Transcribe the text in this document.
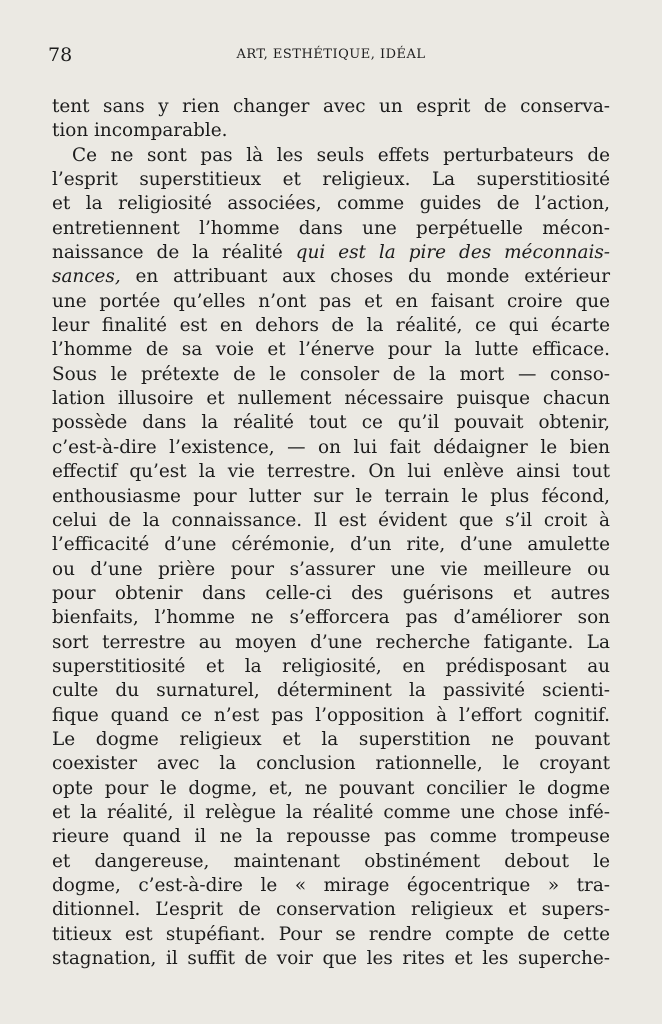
78	ART, ESTHÉTIQUE, IDÉAL
tent sans y rien changer avec un esprit de conserva-
tion incomparable.
Ce ne sont pas là les seuls effets perturbateurs de
l’esprit superstitieux et religieux. La superstitiosité
et la religiosité associées, comme guides de l’action,
entretiennent l’homme dans une perpétuelle mécon-
naissance de la réalité qui est la pire des méconnais-
sances, en attribuant aux choses du monde extérieur
une portée qu’elles n’ont pas et en faisant croire que
leur finalité est en dehors de la réalité, ce qui écarte
l’homme de sa voie et l’énerve pour la lutte efficace.
Sous le prétexte de le consoler de la mort — conso-
lation illusoire et nullement nécessaire puisque chacun
possède dans la réalité tout ce qu’il pouvait obtenir,
c’est-à-dire l’existence, — on lui fait dédaigner le bien
effectif qu’est la vie terrestre. On lui enlève ainsi tout
enthousiasme pour lutter sur le terrain le plus fécond,
celui de la connaissance. Il est évident que s’il croit à
l’efficacité d’une cérémonie, d’un rite, d’une amulette
ou d’une prière pour s’assurer une vie meilleure ou
pour obtenir dans celle-ci des guérisons et autres
bienfaits, l’homme ne s’efforcera pas d’améliorer son
sort terrestre au moyen d’une recherche fatigante. La
superstitiosité et la religiosité, en prédisposant au
culte du surnaturel, déterminent la passivité scienti-
fique quand ce n’est pas l’opposition à l’effort cognitif.
Le dogme religieux et la superstition ne pouvant
coexister avec la conclusion rationnelle, le croyant
opte pour le dogme, et, ne pouvant concilier le dogme
et la réalité, il relègue la réalité comme une chose infé-
rieure quand il ne la repousse pas comme trompeuse
et dangereuse, maintenant obstinément debout le
dogme, c’est-à-dire le « mirage égocentrique » tra-
ditionnel. L’esprit de conservation religieux et supers-
titieux est stupéfiant. Pour se rendre compte de cette
stagnation, il suffit de voir que les rites et les superche-
